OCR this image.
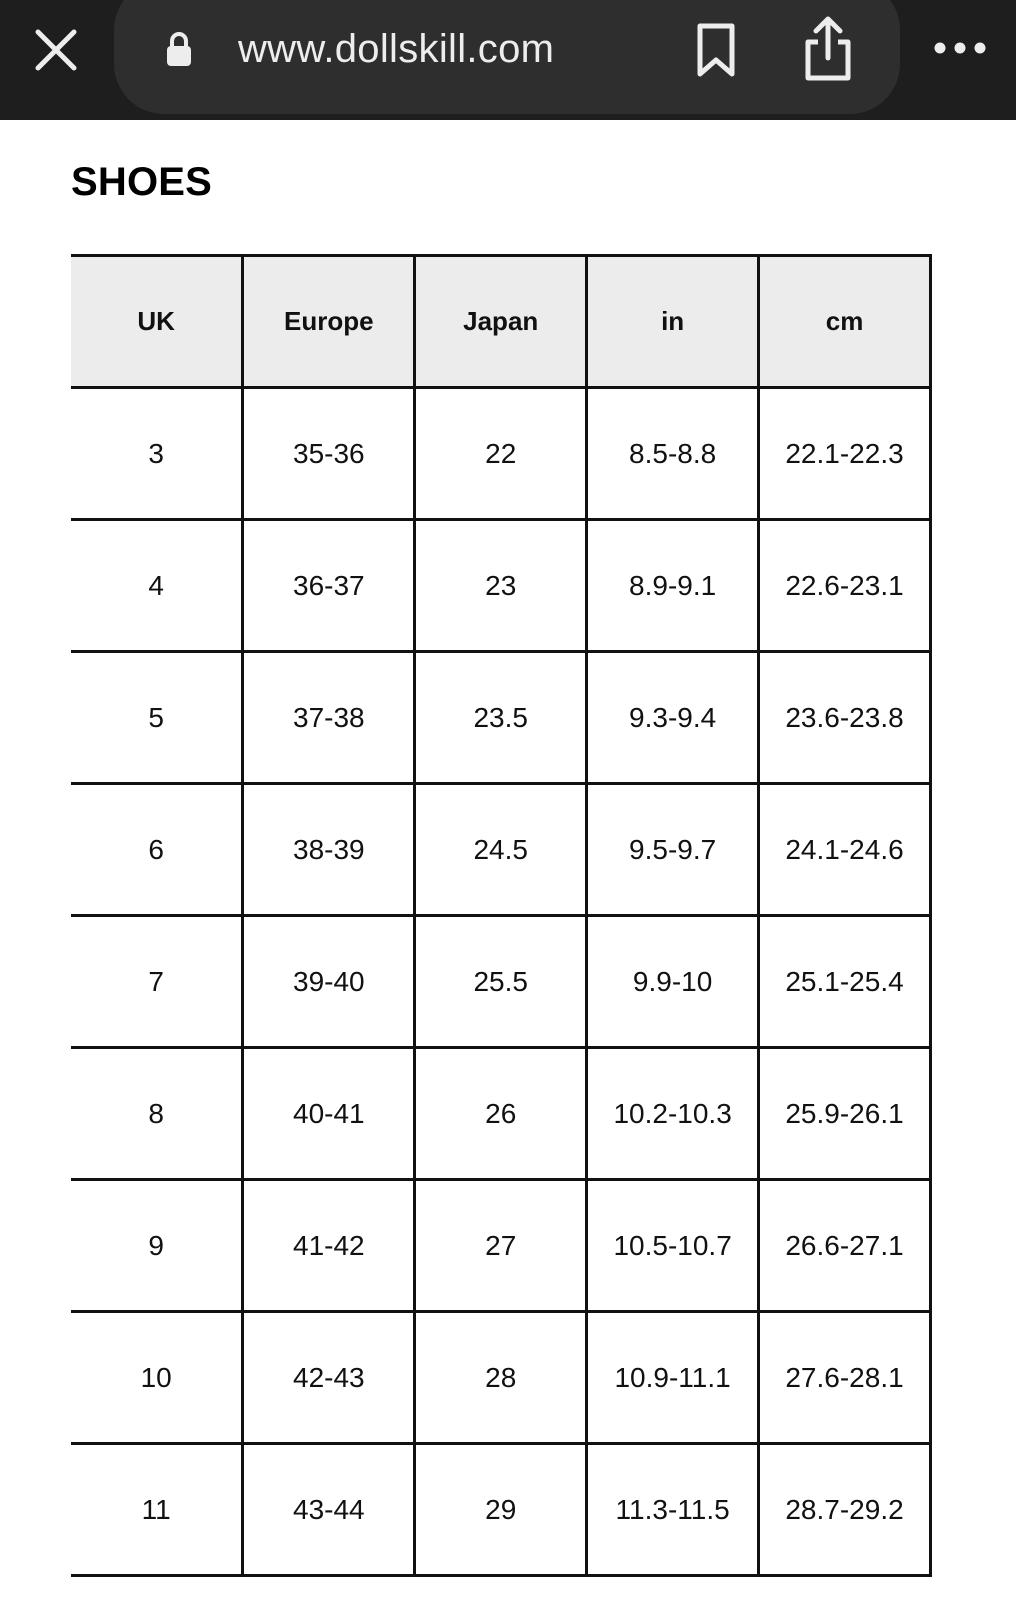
www.dollskill.com
SHOES
UK	Europe	Japan	in	cm
3	35-36	22	8.5-8.8	22.1-22.3
4	36-37	23	8.9-9.1	22.6-23.1
5	37-38	23.5	9.3-9.4	23.6-23.8
6	38-39	24.5	9.5-9.7	24.1-24.6
7	39-40	25.5	9.9-10	25.1-25.4
8	40-41	26	10.2-10.3	25.9-26.1
9	41-42	27	10.5-10.7	26.6-27.1
10	42-43	28	10.9-11.1	27.6-28.1
11	43-44	29	11.3-11.5	28.7-29.2
